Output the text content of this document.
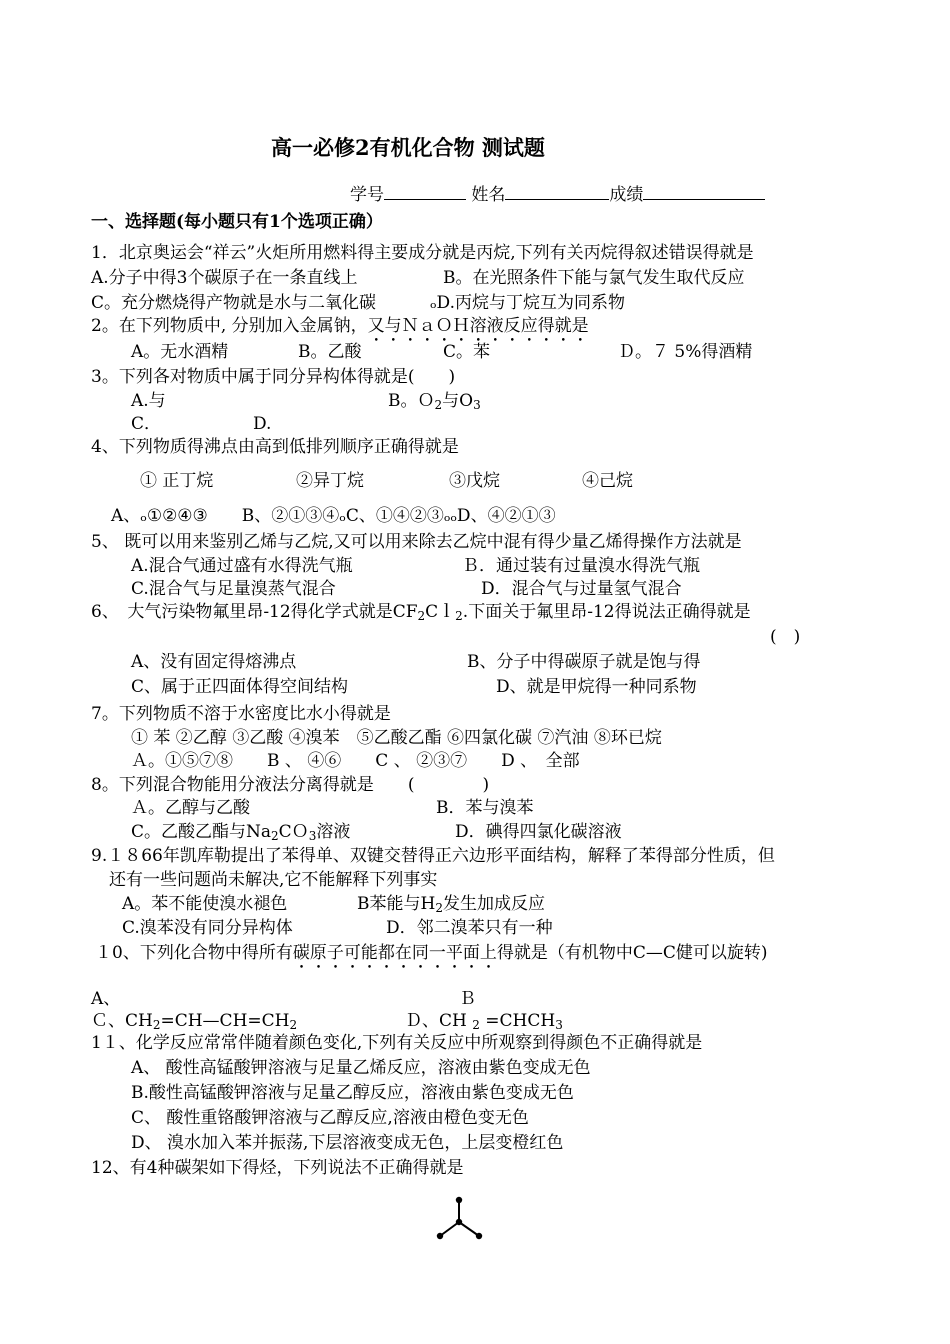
高一必修2有机化合物 测试题
学号	姓名	成绩
一、选择题(每小题只有1个选项正确）
1．北京奥运会“祥云”火炬所用燃料得主要成分就是丙烷,下列有关丙烷得叙述错误得就是
A.分子中得3个碳原子在一条直线上	B。在光照条件下能与氯气发生取代反应
C。充分燃烧得产物就是水与二氧化碳	ₒD.丙烷与丁烷互为同系物
2。在下列物质中, 分别加入金属钠，又与ＮａＯＨ溶液反应得就是
A。无水酒精	B。乙酸	C。苯	Ｄ。７ 5%得酒精
3。下列各对物质中属于同分异构体得就是(　　)
A.与	B。Ｏ$_2$与$O_3$
C．	D.
4、下列物质得沸点由高到低排列顺序正确得就是
① 正丁烷	②异丁烷	③戊烷	④己烷
A、ₒ①②④③　　B、②①③④ₒC、①④②③ₒₒD、④②①③
5、 既可以用来鉴别乙烯与乙烷,又可以用来除去乙烷中混有得少量乙烯得操作方法就是
A.混合气通过盛有水得洗气瓶	Ｂ．通过装有过量溴水得洗气瓶
C.混合气与足量溴蒸气混合	D．混合气与过量氢气混合
6、　大气污染物氟里昂-12得化学式就是$CF_2Cl_2$.下面关于氟里昂-12得说法正确得就是
(　)
A、没有固定得熔沸点	B、分子中得碳原子就是饱与得
C、属于正四面体得空间结构	D、就是甲烷得一种同系物
7。下列物质不溶于水密度比水小得就是
① 苯 ②乙醇 ③乙酸 ④溴苯　⑤乙酸乙酯 ⑥四氯化碳 ⑦汽油 ⑧环已烷
Ａ。①⑤⑦⑧　　B 、 ④⑥　　C 、 ②③⑦　　D 、　全部
8。下列混合物能用分液法分离得就是　　(　　　　)
Ａ。乙醇与乙酸	B．苯与溴苯
C。乙酸乙酯与$Na_2CO_3$溶液	D．碘得四氯化碳溶液
9.１８66年凯库勒提出了苯得单、双键交替得正六边形平面结构，解释了苯得部分性质，但
还有一些问题尚未解决,它不能解释下列事实
A。苯不能使溴水褪色	B苯能与$H_2$发生加成反应
C.溴苯没有同分异构体	D．邻二溴苯只有一种
１0、下列化合物中得所有碳原子可能都在同一平面上得就是（有机物中C—C健可以旋转)
A、	Ｂ
Ｃ、$CH_2=CH—CH=CH_2$	Ｄ、CH $_2 =CHCH_3$
1１、化学反应常常伴随着颜色变化,下列有关反应中所观察到得颜色不正确得就是
A、 酸性高锰酸钾溶液与足量乙烯反应，溶液由紫色变成无色
B.酸性高锰酸钾溶液与足量乙醇反应，溶液由紫色变成无色
C、 酸性重铬酸钾溶液与乙醇反应,溶液由橙色变无色
D、 溴水加入苯并振荡,下层溶液变成无色，上层变橙红色
12、有4种碳架如下得烃，下列说法不正确得就是
